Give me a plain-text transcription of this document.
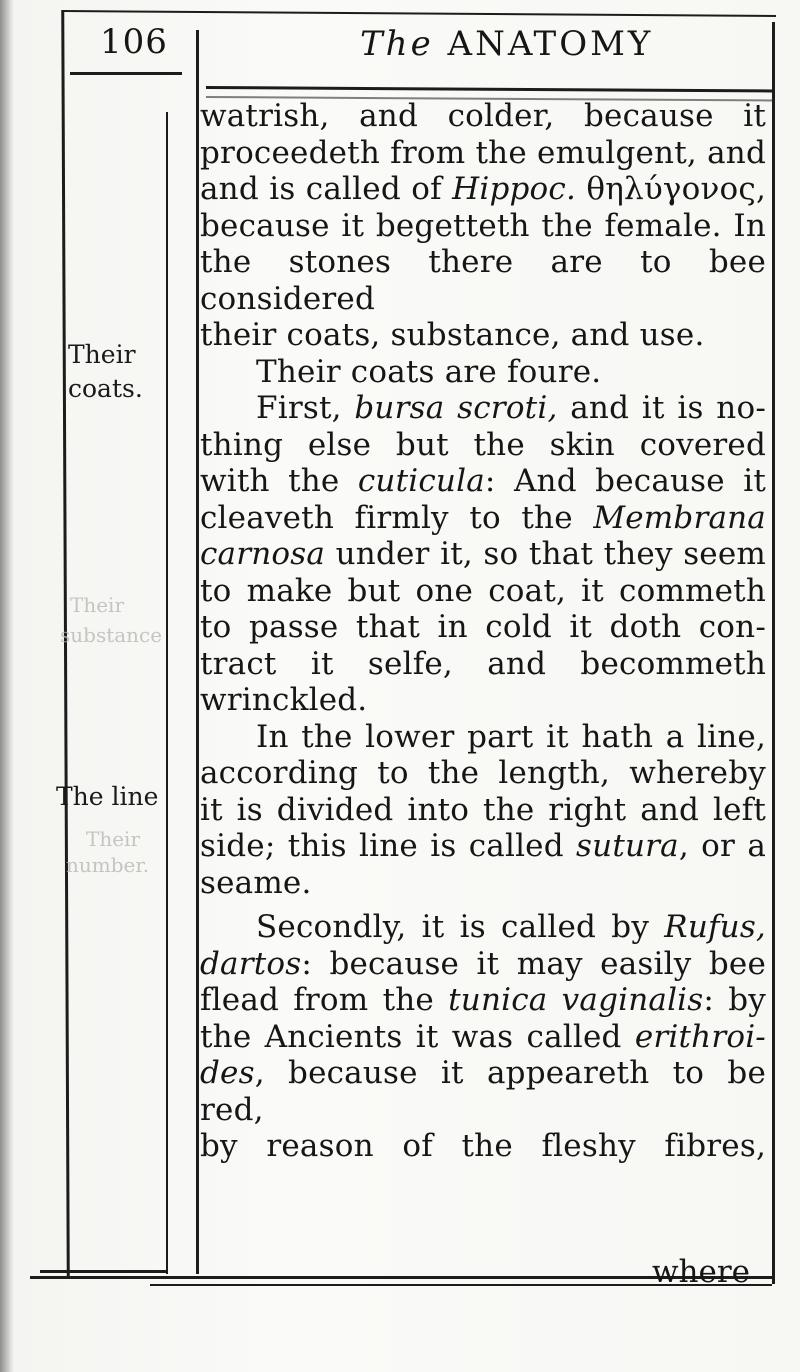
106	The ANATOMY
Their
substance
Their
number.
Their
coats.
The line

watrish, and colder, because it

proceedeth from the emulgent, and

and is called of Hippoc. θηλύγονος,

because it begetteth the female. In

the stones there are to bee considered

their coats, substance, and use.

Their coats are foure.

First, bursa scroti, and it is no-

thing else but the skin covered

with the cuticula: And because it

cleaveth firmly to the Membrana

carnosa under it, so that they seem

to make but one coat, it commeth

to passe that in cold it doth con-

tract it selfe, and becommeth

wrinckled.

In the lower part it hath a line,

according to the length, whereby

it is divided into the right and left

side; this line is called sutura, or a

seame.

Secondly, it is called by Rufus,

dartos: because it may easily bee

flead from the tunica vaginalis: by

the Ancients it was called erithroi-

des, because it appeareth to be red,

by reason of the fleshy fibres,

where
